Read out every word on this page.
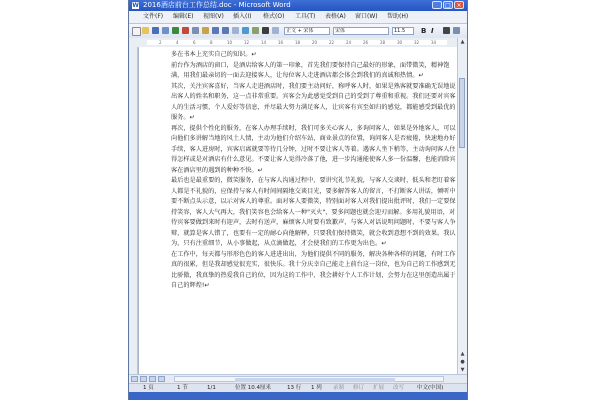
W 2016酒店前台工作总结.doc - Microsoft Word	_	□ ×
文件(F) 编辑(E) 视图(V) 插入(I) 格式(O) 工具(T) 表格(A) 窗口(W) 帮助(H)
正文 + 宋体	宋体	11.5	B I
2	4	6	8	10	12	14	16	18	20	22	24	26	28	30	32	34

多在书本上充实自己的知识。↵

前台作为酒店的窗口，是酒店给客人的第一印象，首先我们要保持自己最好的形象，面带微笑，精神饱满，用我们最亲切的一面去迎接客人，让每位客人走进酒店都会体会到我们的真诚和热情。↵

其次，关注宾客喜好，当客人走进酒店时，我们要主动问好，称呼客人时，如果是熟客就要准确无误地说出客人的姓名和职务，这一点非常重要。宾客会为此感觉受到自己的受到了尊重和重视。我们还要对宾客人的生活习惯，个人爱好等信息，并尽最大努力满足客人，让宾客有宾至如归的感觉，都能感受到最优的服务。↵

再次，提供个性化的服务，在客人办理手续时，我们可多关心客人，多询问客人，如果是外地客人，可以向他们多讲解当地的风土人情，主动为他们介绍车站，商业景点的位置，询问客人是否疲倦，快速地办好手续，客人进房时，宾客启离就要等待几分钟，过时不要让客人等着。遇客人坐下稍等，主动询问客人住得怎样或是对酒店有什么意见。不要让客人觉得冷落了他，进一步沟通能使客人多一份温馨，也能消除宾客在酒店里的遇到的种种不快。↵

最后也是最重要的，微笑服务，在与客人沟通过程中，要讲究礼节礼貌，与客人交谈时，低头和老盯着客人都是不礼貌的，应保持与客人有时间间隔地交谈目光，要多解答客人的留言，不打断客人讲话，倾听中要不断点头示意，以示对客人的尊重。面对客人要微笑，特别面对客人对我们提出批评时，我们一定要保持笑容，客人大气再大，我们笑容也会给客人一种"灭火"，要多问题也就会迎刃而解。多用礼貌用语，对待宾客要做到来时有迎声，去时有送声，麻烦客人时要有致歉声，与客人对话说明问题时，不要与客人争辩，就算是客人错了，也要有一定的耐心向他解释，只要我们保持微笑，就会收到意想不到的效果。我认为，只有注重细节，从小事做起，从点滴做起，才会使我们的工作更为出色。↵

在工作中，每天都与形形色色的客人进进出出，为他们提供不同的服务，解决各种各样的问题，有时工作真的很累，但是我却感觉很充实，很快乐。我十分庆幸自己能走上前台这一岗位，也为自己的工作感到无比骄傲，我真挚的热爱我自己的位，因为这的工作中，我会耕好个人工作计划，会努力在这里创造出属于自己的辉煌!↵

▲
▲
●
▼
1 页	1 节	1/1	位置 10.4厘米	13 行 1 列 录制 修订 扩展 改写 中文(中国)
